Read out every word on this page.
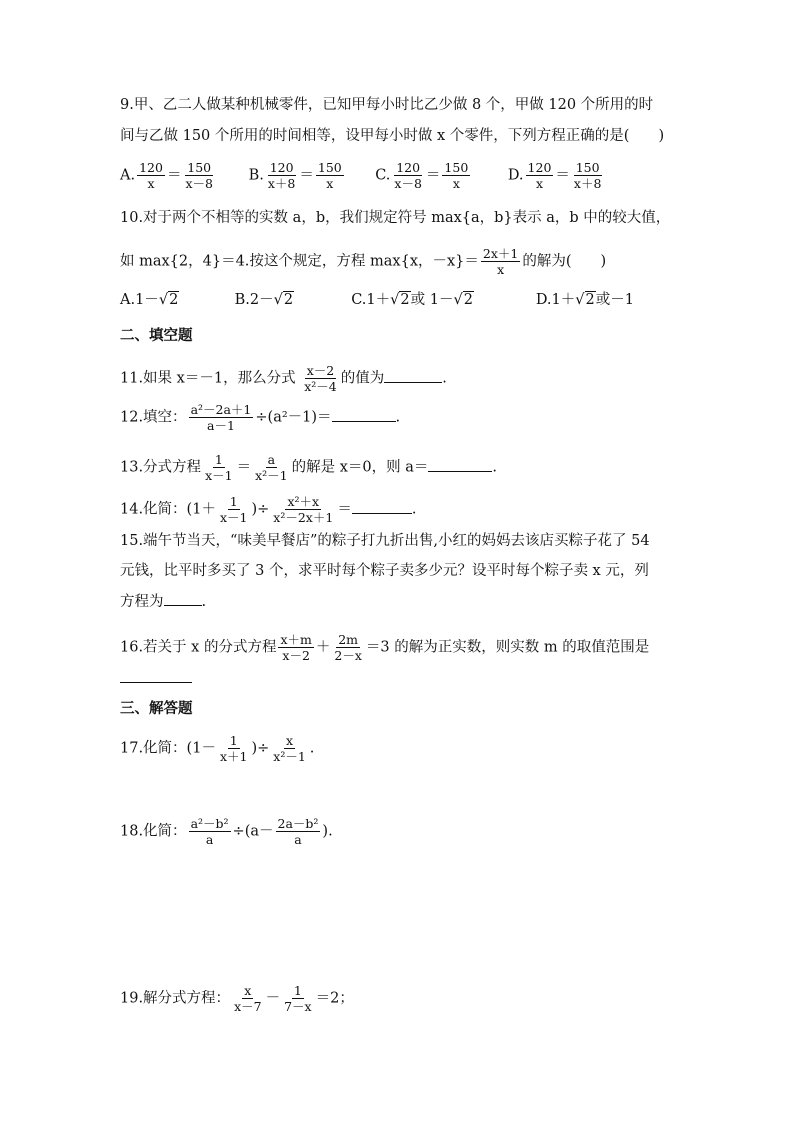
9.甲、乙二人做某种机械零件，已知甲每小时比乙少做 8 个，甲做 120 个所用的时
间与乙做 150 个所用的时间相等，设甲每小时做 x 个零件，下列方程正确的是(　　)
A. $\frac{120}{x} = \frac{150}{x-8} B$. $\frac{120}{x+8} = \frac{150}{x} C$. $\frac{120}{x-8} = \frac{150}{x}$	D. $\frac{120}{x} = \frac{150}{x+8}$
10.对于两个不相等的实数 a，b，我们规定符号 max{a，b}表示 a，b 中的较大值，
如 max{2，4}＝4.按这个规定，方程 max{x，$-x\}= \frac{2x+1}{x}$ 的解为(　　)
A.1－√2	B.2－√2	C.1＋√2或 1－√2	D.1＋√2或－1
二、填空题
11.如果 x＝－1，那么分式 $\frac{x-2}{\text{x²－4}}$ 的值为	.
12.填空： $\frac{\text{a²－2a＋1}}{a-1} \div(a^2-1)=$	.
13.分式方程 $\frac{1}{x-1} = \frac{a}{\text{x²－1}}$ 的解是 x＝0，则 a＝	.
14.化简：($1+ \frac{1}{x-1}$ )÷ $\frac{\text{x²＋x}}{\text{x²－2x＋1}}$ ＝	.
15.端午节当天，“味美早餐店”的粽子打九折出售,小红的妈妈去该店买粽子花了 54
元钱，比平时多买了 3 个，求平时每个粽子卖多少元？设平时每个粽子卖 x 元，列
方程为	.
16.若关于 x 的分式方程 $\frac{x+m}{x-2} + \frac{2m}{2-x} =3$ 的解为正实数，则实数 m 的取值范围是
三、解答题
17.化简：($1- \frac{1}{x+1}$ )÷ $\frac{x}{\text{x²－1}}$ .
18.化简： $\frac{\text{a²－b²}}{a} \div(a- \frac{\text{2a－b²}}{a}$ ).
19.解分式方程： $\frac{x}{x-7} - \frac{1}{7-x} =2$；
